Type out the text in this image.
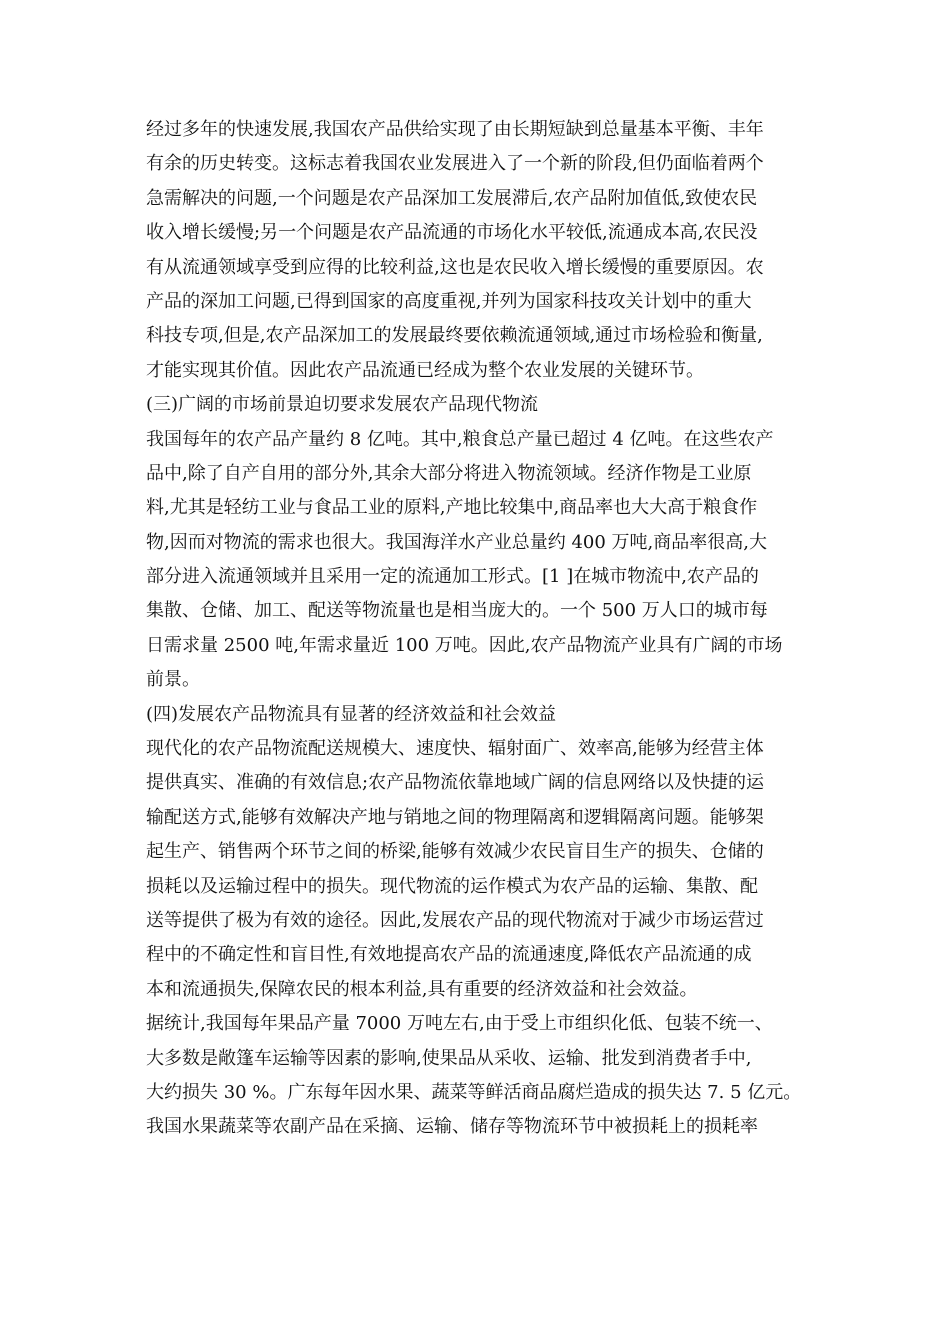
经过多年的快速发展,我国农产品供给实现了由长期短缺到总量基本平衡、丰年
有余的历史转变。这标志着我国农业发展进入了一个新的阶段,但仍面临着两个
急需解决的问题,一个问题是农产品深加工发展滞后,农产品附加值低,致使农民
收入增长缓慢;另一个问题是农产品流通的市场化水平较低,流通成本高,农民没
有从流通领域享受到应得的比较利益,这也是农民收入增长缓慢的重要原因。农
产品的深加工问题,已得到国家的高度重视,并列为国家科技攻关计划中的重大
科技专项,但是,农产品深加工的发展最终要依赖流通领域,通过市场检验和衡量,
才能实现其价值。因此农产品流通已经成为整个农业发展的关键环节。
(三)广阔的市场前景迫切要求发展农产品现代物流
我国每年的农产品产量约 8 亿吨。其中,粮食总产量已超过 4 亿吨。在这些农产
品中,除了自产自用的部分外,其余大部分将进入物流领域。经济作物是工业原
料,尤其是轻纺工业与食品工业的原料,产地比较集中,商品率也大大高于粮食作
物,因而对物流的需求也很大。我国海洋水产业总量约 400 万吨,商品率很高,大
部分进入流通领域并且采用一定的流通加工形式。[1 ]在城市物流中,农产品的
集散、仓储、加工、配送等物流量也是相当庞大的。一个 500 万人口的城市每
日需求量 2500 吨,年需求量近 100 万吨。因此,农产品物流产业具有广阔的市场
前景。
(四)发展农产品物流具有显著的经济效益和社会效益
现代化的农产品物流配送规模大、速度快、辐射面广、效率高,能够为经营主体
提供真实、准确的有效信息;农产品物流依靠地域广阔的信息网络以及快捷的运
输配送方式,能够有效解决产地与销地之间的物理隔离和逻辑隔离问题。能够架
起生产、销售两个环节之间的桥梁,能够有效减少农民盲目生产的损失、仓储的
损耗以及运输过程中的损失。现代物流的运作模式为农产品的运输、集散、配
送等提供了极为有效的途径。因此,发展农产品的现代物流对于减少市场运营过
程中的不确定性和盲目性,有效地提高农产品的流通速度,降低农产品流通的成
本和流通损失,保障农民的根本利益,具有重要的经济效益和社会效益。
据统计,我国每年果品产量 7000 万吨左右,由于受上市组织化低、包装不统一、
大多数是敞篷车运输等因素的影响,使果品从采收、运输、批发到消费者手中,
大约损失 30 %。广东每年因水果、蔬菜等鲜活商品腐烂造成的损失达 7. 5 亿元。
我国水果蔬菜等农副产品在采摘、运输、储存等物流环节中被损耗上的损耗率
